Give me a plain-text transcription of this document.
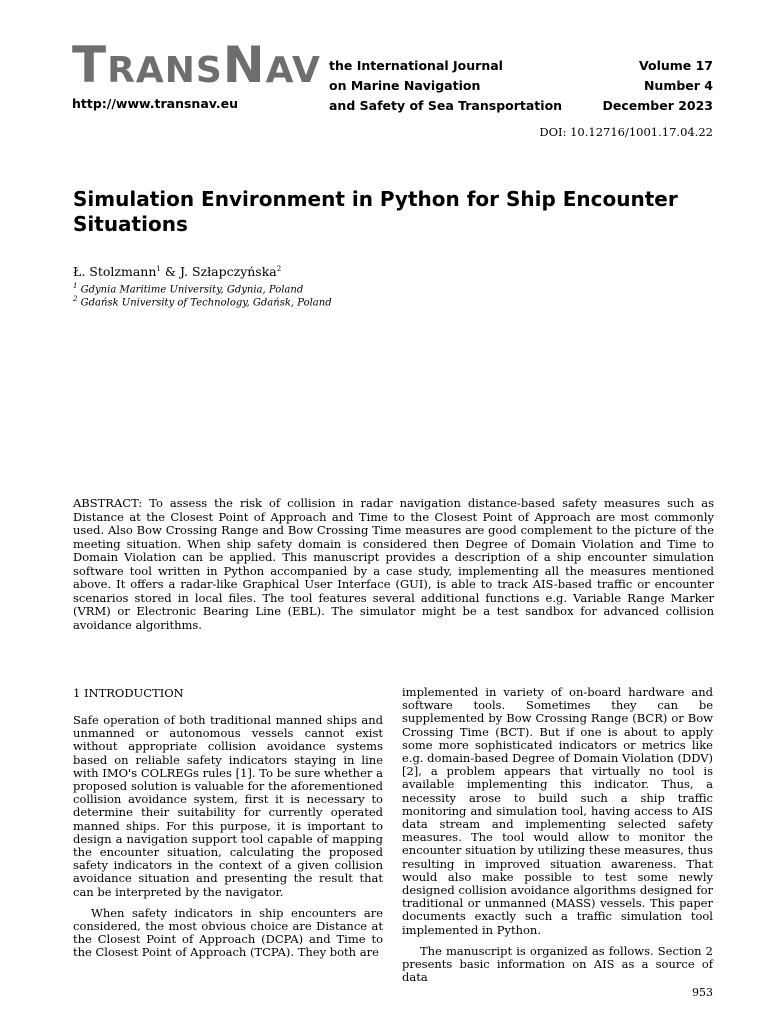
TRANSNAV
http://www.transnav.eu
the International Journal
on Marine Navigation
and Safety of Sea Transportation
Volume 17
Number 4
December 2023
DOI: 10.12716/1001.17.04.22
Simulation Environment in Python for Ship Encounter Situations
Ł. Stolzmann$^1$ & J. Szłapczyńska$^2$
$^1$ Gdynia Maritime University, Gdynia, Poland
$^2$ Gdańsk University of Technology, Gdańsk, Poland
ABSTRACT: To assess the risk of collision in radar navigation distance-based safety measures such as Distance at the Closest Point of Approach and Time to the Closest Point of Approach are most commonly used. Also Bow Crossing Range and Bow Crossing Time measures are good complement to the picture of the meeting situation. When ship safety domain is considered then Degree of Domain Violation and Time to Domain Violation can be applied. This manuscript provides a description of a ship encounter simulation software tool written in Python accompanied by a case study, implementing all the measures mentioned above. It offers a radar-like Graphical User Interface (GUI), is able to track AIS-based traffic or encounter scenarios stored in local files. The tool features several additional functions e.g. Variable Range Marker (VRM) or Electronic Bearing Line (EBL). The simulator might be a test sandbox for advanced collision avoidance algorithms.
1 INTRODUCTION

Safe operation of both traditional manned ships and unmanned or autonomous vessels cannot exist without appropriate collision avoidance systems based on reliable safety indicators staying in line with IMO's COLREGs rules [1]. To be sure whether a proposed solution is valuable for the aforementioned collision avoidance system, first it is necessary to determine their suitability for currently operated manned ships. For this purpose, it is important to design a navigation support tool capable of mapping the encounter situation, calculating the proposed safety indicators in the context of a given collision avoidance situation and presenting the result that can be interpreted by the navigator.

When safety indicators in ship encounters are considered, the most obvious choice are Distance at the Closest Point of Approach (DCPA) and Time to the Closest Point of Approach (TCPA). They both are

implemented in variety of on-board hardware and software tools. Sometimes they can be supplemented by Bow Crossing Range (BCR) or Bow Crossing Time (BCT). But if one is about to apply some more sophisticated indicators or metrics like e.g. domain-based Degree of Domain Violation (DDV) [2], a problem appears that virtually no tool is available implementing this indicator. Thus, a necessity arose to build such a ship traffic monitoring and simulation tool, having access to AIS data stream and implementing selected safety measures. The tool would allow to monitor the encounter situation by utilizing these measures, thus resulting in improved situation awareness. That would also make possible to test some newly designed collision avoidance algorithms designed for traditional or unmanned (MASS) vessels. This paper documents exactly such a traffic simulation tool implemented in Python.

The manuscript is organized as follows. Section 2 presents basic information on AIS as a source of data

953
